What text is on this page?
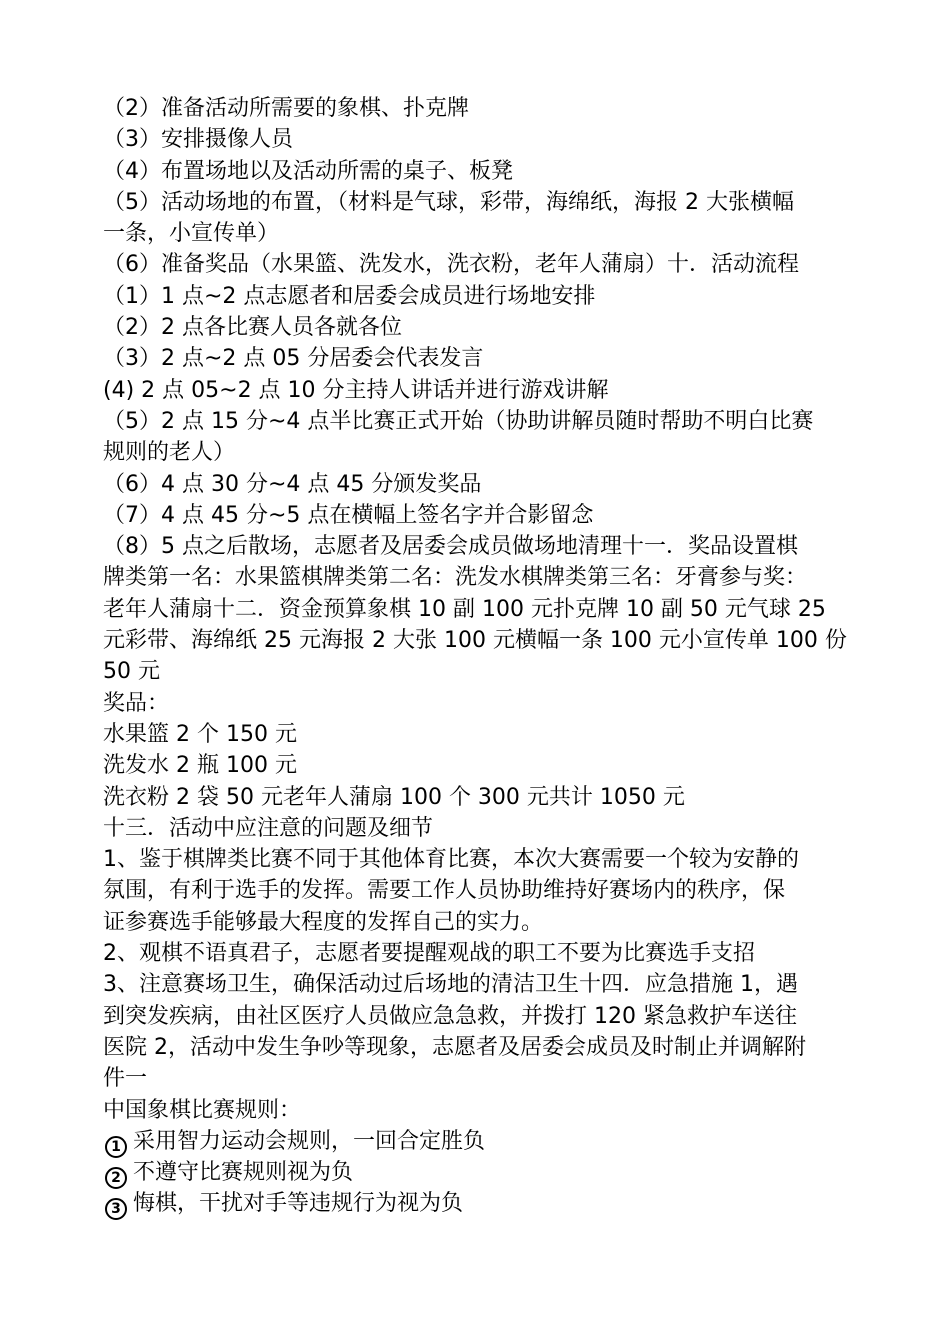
（2）准备活动所需要的象棋、扑克牌
（3）安排摄像人员
（4）布置场地以及活动所需的桌子、板凳
（5）活动场地的布置，（材料是气球，彩带，海绵纸，海报 2 大张横幅
一条，小宣传单）
（6）准备奖品（水果篮、洗发水，洗衣粉，老年人蒲扇）十．活动流程
（1）1 点~2 点志愿者和居委会成员进行场地安排
（2）2 点各比赛人员各就各位
（3）2 点~2 点 05 分居委会代表发言
(4) 2 点 05~2 点 10 分主持人讲话并进行游戏讲解
（5）2 点 15 分~4 点半比赛正式开始（协助讲解员随时帮助不明白比赛
规则的老人）
（6）4 点 30 分~4 点 45 分颁发奖品
（7）4 点 45 分~5 点在横幅上签名字并合影留念
（8）5 点之后散场，志愿者及居委会成员做场地清理十一．奖品设置棋
牌类第一名：水果篮棋牌类第二名：洗发水棋牌类第三名：牙膏参与奖：
老年人蒲扇十二．资金预算象棋 10 副 100 元扑克牌 10 副 50 元气球 25
元彩带、海绵纸 25 元海报 2 大张 100 元横幅一条 100 元小宣传单 100 份
50 元
奖品：
水果篮 2 个 150 元
洗发水 2 瓶 100 元
洗衣粉 2 袋 50 元老年人蒲扇 100 个 300 元共计 1050 元
十三．活动中应注意的问题及细节
1、鉴于棋牌类比赛不同于其他体育比赛，本次大赛需要一个较为安静的
氛围，有利于选手的发挥。需要工作人员协助维持好赛场内的秩序，保
证参赛选手能够最大程度的发挥自己的实力。
2、观棋不语真君子，志愿者要提醒观战的职工不要为比赛选手支招
3、注意赛场卫生，确保活动过后场地的清洁卫生十四．应急措施 1，遇
到突发疾病，由社区医疗人员做应急急救，并拨打 120 紧急救护车送往
医院 2，活动中发生争吵等现象，志愿者及居委会成员及时制止并调解附
件一
中国象棋比赛规则：
1 采用智力运动会规则，一回合定胜负
2 不遵守比赛规则视为负
3 悔棋，干扰对手等违规行为视为负
